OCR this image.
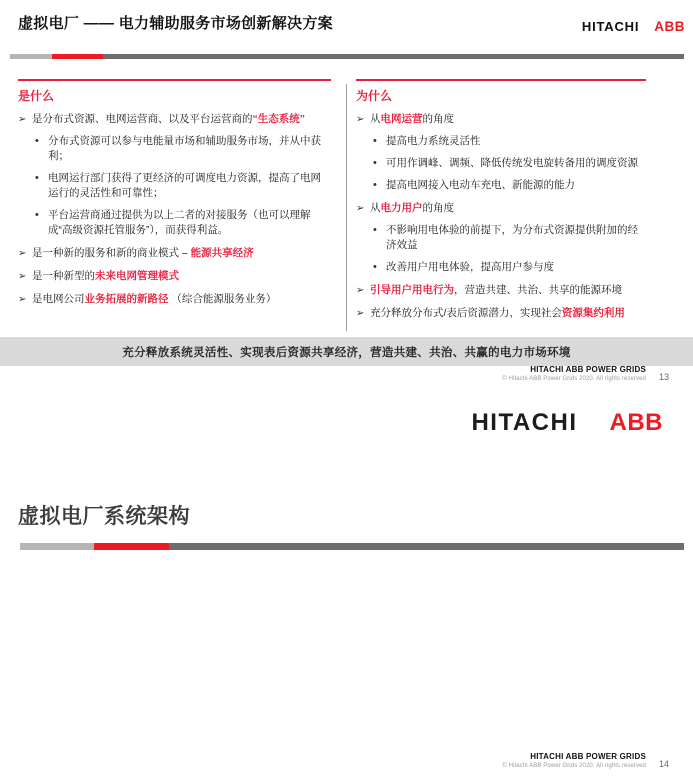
虚拟电厂 —— 电力辅助服务市场创新解决方案	HITACHI ABB
是什么
➢ 是分布式资源、电网运营商、以及平台运营商的“生态系统”
• 分布式资源可以参与电能量市场和辅助服务市场，并从中获利；
• 电网运行部门获得了更经济的可调度电力资源，提高了电网运行的灵活性和可靠性；
• 平台运营商通过提供为以上二者的对接服务（也可以理解成“高级资源托管服务”），而获得利益。
➢ 是一种新的服务和新的商业模式 – 能源共享经济
➢ 是一种新型的未来电网管理模式
➢ 是电网公司业务拓展的新路径 （综合能源服务业务）
为什么
➢ 从电网运营的角度
• 提高电力系统灵活性
• 可用作调峰、调频、降低传统发电旋转备用的调度资源
• 提高电网接入电动车充电、新能源的能力
➢ 从电力用户的角度
• 不影响用电体验的前提下，为分布式资源提供附加的经济效益
• 改善用户用电体验，提高用户参与度
➢ 引导用户用电行为，营造共建、共治、共享的能源环境
➢ 充分释放分布式/表后资源潜力，实现社会资源集约利用
充分释放系统灵活性、实现表后资源共享经济，营造共建、共治、共赢的电力市场环境
HITACHI ABB POWER GRIDS
© Hitachi ABB Power Grids 2020. All rights reserved 13
HITACHI ABB
虚拟电厂系统架构
HITACHI ABB POWER GRIDS
© Hitachi ABB Power Grids 2020. All rights reserved 14
